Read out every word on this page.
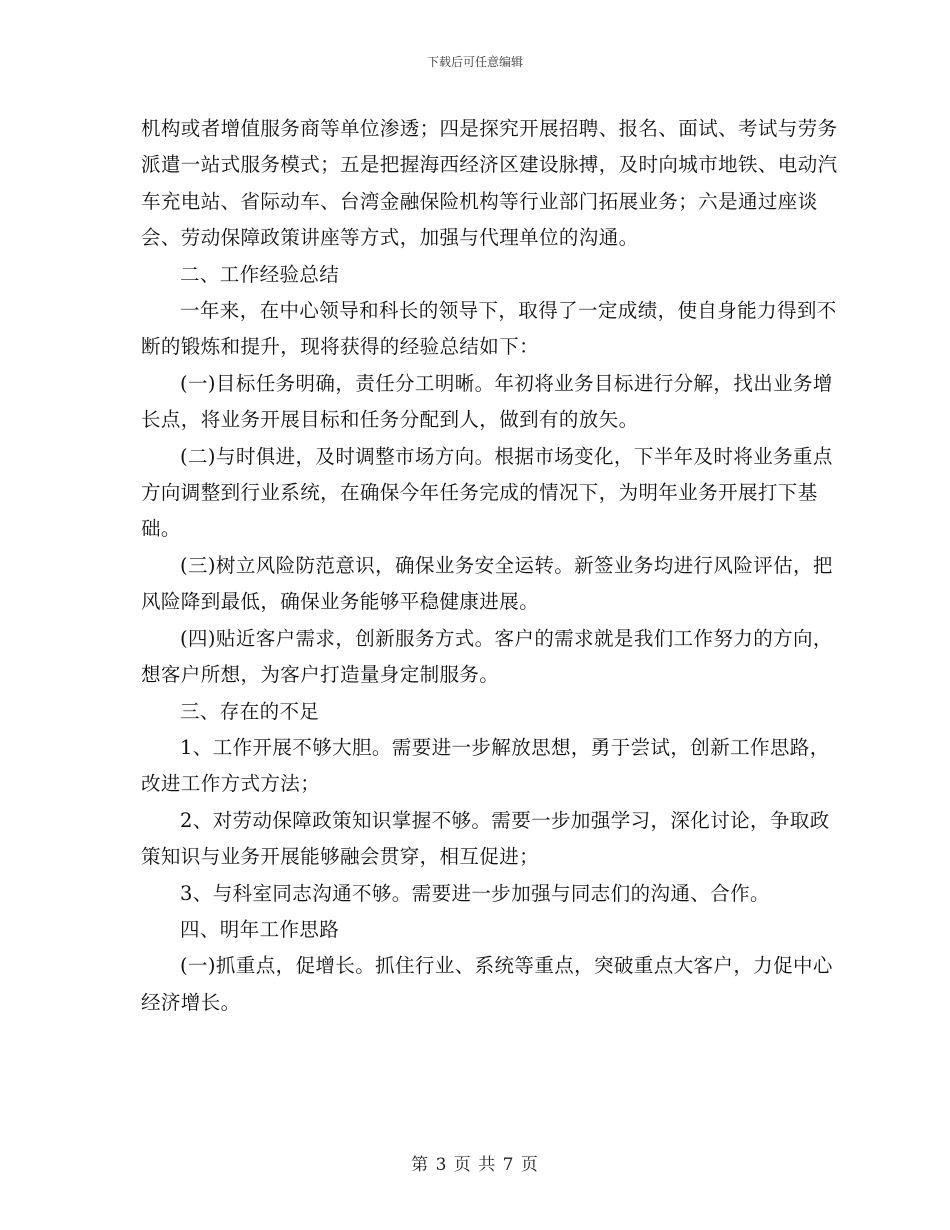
下载后可任意编辑

机构或者增值服务商等单位渗透；四是探究开展招聘、报名、面试、考试与劳务派遣一站式服务模式；五是把握海西经济区建设脉搏，及时向城市地铁、电动汽车充电站、省际动车、台湾金融保险机构等行业部门拓展业务；六是通过座谈会、劳动保障政策讲座等方式，加强与代理单位的沟通。

二、工作经验总结

一年来，在中心领导和科长的领导下，取得了一定成绩，使自身能力得到不断的锻炼和提升，现将获得的经验总结如下：

(一)目标任务明确，责任分工明晰。年初将业务目标进行分解，找出业务增长点，将业务开展目标和任务分配到人，做到有的放矢。

(二)与时俱进，及时调整市场方向。根据市场变化，下半年及时将业务重点方向调整到行业系统，在确保今年任务完成的情况下，为明年业务开展打下基础。

(三)树立风险防范意识，确保业务安全运转。新签业务均进行风险评估，把风险降到最低，确保业务能够平稳健康进展。

(四)贴近客户需求，创新服务方式。客户的需求就是我们工作努力的方向，想客户所想，为客户打造量身定制服务。

三、存在的不足

1、工作开展不够大胆。需要进一步解放思想，勇于尝试，创新工作思路，改进工作方式方法；

2、对劳动保障政策知识掌握不够。需要一步加强学习，深化讨论，争取政策知识与业务开展能够融会贯穿，相互促进；

3、与科室同志沟通不够。需要进一步加强与同志们的沟通、合作。

四、明年工作思路

(一)抓重点，促增长。抓住行业、系统等重点，突破重点大客户，力促中心经济增长。

第 3 页 共 7 页
